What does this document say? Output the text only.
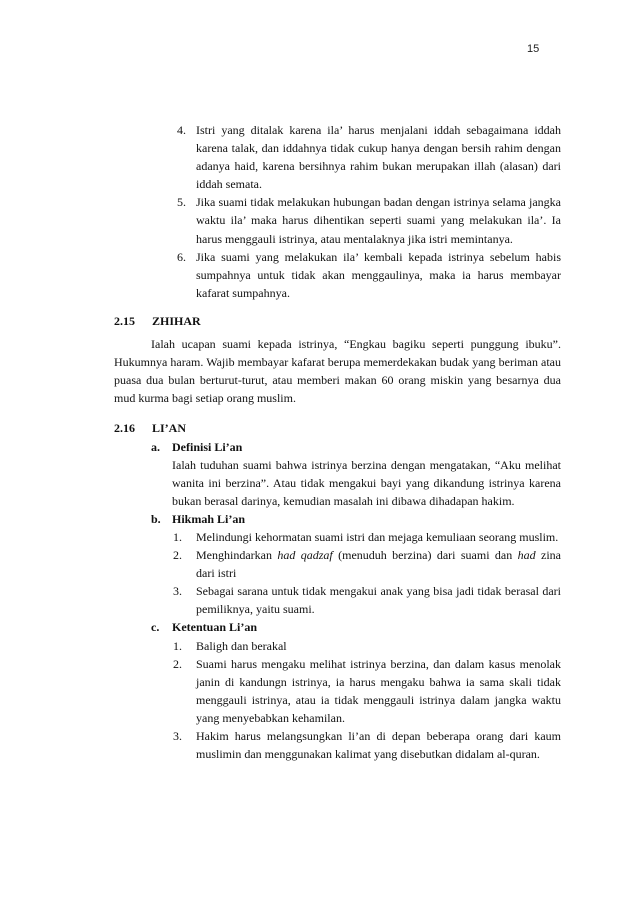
15
4. Istri yang ditalak karena ila’ harus menjalani iddah sebagaimana iddah karena talak, dan iddahnya tidak cukup hanya dengan bersih rahim dengan adanya haid, karena bersihnya rahim bukan merupakan illah (alasan) dari iddah semata.
5. Jika suami tidak melakukan hubungan badan dengan istrinya selama jangka waktu ila’ maka harus dihentikan seperti suami yang melakukan ila’. Ia harus menggauli istrinya, atau mentalaknya jika istri memintanya.
6. Jika suami yang melakukan ila’ kembali kepada istrinya sebelum habis sumpahnya untuk tidak akan menggaulinya, maka ia harus membayar kafarat sumpahnya.
2.15 ZHIHAR

Ialah ucapan suami kepada istrinya, “Engkau bagiku seperti punggung ibuku”. Hukumnya haram. Wajib membayar kafarat berupa memerdekakan budak yang beriman atau puasa dua bulan berturut-turut, atau memberi makan 60 orang miskin yang besarnya dua mud kurma bagi setiap orang muslim.

2.16 LI’AN
a. Definisi Li’an

Ialah tuduhan suami bahwa istrinya berzina dengan mengatakan, “Aku melihat wanita ini berzina”. Atau tidak mengakui bayi yang dikandung istrinya karena bukan berasal darinya, kemudian masalah ini dibawa dihadapan hakim.

b. Hikmah Li’an
1. Melindungi kehormatan suami istri dan mejaga kemuliaan seorang muslim.
2. Menghindarkan had qadzaf (menuduh berzina) dari suami dan had zina dari istri
3. Sebagai sarana untuk tidak mengakui anak yang bisa jadi tidak berasal dari pemiliknya, yaitu suami.
c. Ketentuan Li’an
1. Baligh dan berakal
2. Suami harus mengaku melihat istrinya berzina, dan dalam kasus menolak janin di kandungn istrinya, ia harus mengaku bahwa ia sama skali tidak menggauli istrinya, atau ia tidak menggauli istrinya dalam jangka waktu yang menyebabkan kehamilan.
3. Hakim harus melangsungkan li’an di depan beberapa orang dari kaum muslimin dan menggunakan kalimat yang disebutkan didalam al-quran.
